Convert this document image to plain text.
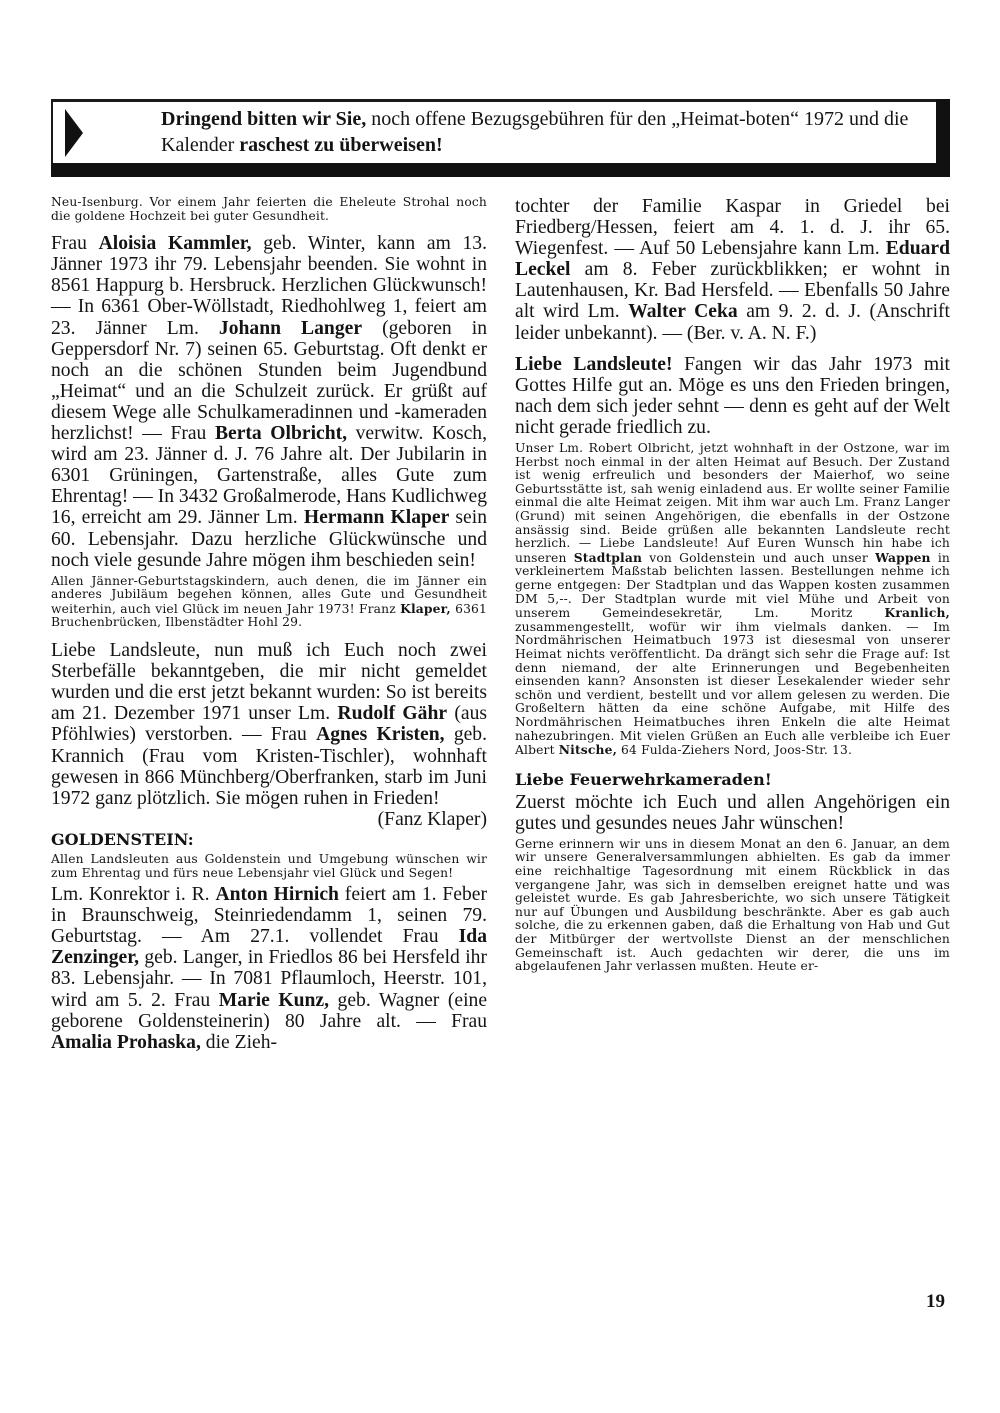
Dringend bitten wir Sie, noch offene Bezugsgebühren für den „Heimat-boten“ 1972 und die Kalender raschest zu überweisen!

Neu-Isenburg. Vor einem Jahr feierten die Eheleute Strohal noch die goldene Hochzeit bei guter Gesundheit.

Frau Aloisia Kammler, geb. Winter, kann am 13. Jänner 1973 ihr 79. Lebensjahr beenden. Sie wohnt in 8561 Happurg b. Hersbruck. Herzlichen Glückwunsch! — In 6361 Ober-Wöllstadt, Riedhohlweg 1, feiert am 23. Jänner Lm. Johann Langer (geboren in Geppersdorf Nr. 7) seinen 65. Geburtstag. Oft denkt er noch an die schönen Stunden beim Jugendbund „Heimat“ und an die Schulzeit zurück. Er grüßt auf diesem Wege alle Schulkameradinnen und -kameraden herzlichst! — Frau Berta Olbricht, verwitw. Kosch, wird am 23. Jänner d. J. 76 Jahre alt. Der Jubilarin in 6301 Grüningen, Gartenstraße, alles Gute zum Ehrentag! — In 3432 Großalmerode, Hans Kudlichweg 16, erreicht am 29. Jänner Lm. Hermann Klaper sein 60. Lebensjahr. Dazu herzliche Glückwünsche und noch viele gesunde Jahre mögen ihm beschieden sein!

Allen Jänner-Geburtstagskindern, auch denen, die im Jänner ein anderes Jubiläum begehen können, alles Gute und Gesundheit weiterhin, auch viel Glück im neuen Jahr 1973! Franz Klaper, 6361 Bruchenbrücken, Ilbenstädter Hohl 29.

Liebe Landsleute, nun muß ich Euch noch zwei Sterbefälle bekanntgeben, die mir nicht gemeldet wurden und die erst jetzt bekannt wurden: So ist bereits am 21. Dezember 1971 unser Lm. Rudolf Gähr (aus Pföhlwies) verstorben. — Frau Agnes Kristen, geb. Krannich (Frau vom Kristen-Tischler), wohnhaft gewesen in 866 Münchberg/Oberfranken, starb im Juni 1972 ganz plötzlich. Sie mögen ruhen in Frieden!

(Fanz Klaper)

GOLDENSTEIN:

Allen Landsleuten aus Goldenstein und Umgebung wünschen wir zum Ehrentag und fürs neue Lebensjahr viel Glück und Segen!

Lm. Konrektor i. R. Anton Hirnich feiert am 1. Feber in Braunschweig, Steinriedendamm 1, seinen 79. Geburtstag. — Am 27.1. vollendet Frau Ida Zenzinger, geb. Langer, in Friedlos 86 bei Hersfeld ihr 83. Lebensjahr. — In 7081 Pflaumloch, Heerstr. 101, wird am 5. 2. Frau Marie Kunz, geb. Wagner (eine geborene Goldensteinerin) 80 Jahre alt. — Frau Amalia Prohaska, die Zieh-

tochter der Familie Kaspar in Griedel bei Friedberg/Hessen, feiert am 4. 1. d. J. ihr 65. Wiegenfest. — Auf 50 Lebensjahre kann Lm. Eduard Leckel am 8. Feber zurückblikken; er wohnt in Lautenhausen, Kr. Bad Hersfeld. — Ebenfalls 50 Jahre alt wird Lm. Walter Ceka am 9. 2. d. J. (Anschrift leider unbekannt). — (Ber. v. A. N. F.)

Liebe Landsleute! Fangen wir das Jahr 1973 mit Gottes Hilfe gut an. Möge es uns den Frieden bringen, nach dem sich jeder sehnt — denn es geht auf der Welt nicht gerade friedlich zu.

Unser Lm. Robert Olbricht, jetzt wohnhaft in der Ostzone, war im Herbst noch einmal in der alten Heimat auf Besuch. Der Zustand ist wenig erfreulich und besonders der Maierhof, wo seine Geburtsstätte ist, sah wenig einladend aus. Er wollte seiner Familie einmal die alte Heimat zeigen. Mit ihm war auch Lm. Franz Langer (Grund) mit seinen Angehörigen, die ebenfalls in der Ostzone ansässig sind. Beide grüßen alle bekannten Landsleute recht herzlich. — Liebe Landsleute! Auf Euren Wunsch hin habe ich unseren Stadtplan von Goldenstein und auch unser Wappen in verkleinertem Maßstab belichten lassen. Bestellungen nehme ich gerne entgegen: Der Stadtplan und das Wappen kosten zusammen DM 5,--. Der Stadtplan wurde mit viel Mühe und Arbeit von unserem Gemeindesekretär, Lm. Moritz Kranlich, zusammengestellt, wofür wir ihm vielmals danken. — Im Nordmährischen Heimatbuch 1973 ist diesesmal von unserer Heimat nichts veröffentlicht. Da drängt sich sehr die Frage auf: Ist denn niemand, der alte Erinnerungen und Begebenheiten einsenden kann? Ansonsten ist dieser Lesekalender wieder sehr schön und verdient, bestellt und vor allem gelesen zu werden. Die Großeltern hätten da eine schöne Aufgabe, mit Hilfe des Nordmährischen Heimatbuches ihren Enkeln die alte Heimat nahezubringen. Mit vielen Grüßen an Euch alle verbleibe ich Euer Albert Nitsche, 64 Fulda-Ziehers Nord, Joos-Str. 13.

Liebe Feuerwehrkameraden!

Zuerst möchte ich Euch und allen Angehörigen ein gutes und gesundes neues Jahr wünschen!

Gerne erinnern wir uns in diesem Monat an den 6. Januar, an dem wir unsere Generalversammlungen abhielten. Es gab da immer eine reichhaltige Tagesordnung mit einem Rückblick in das vergangene Jahr, was sich in demselben ereignet hatte und was geleistet wurde. Es gab Jahresberichte, wo sich unsere Tätigkeit nur auf Übungen und Ausbildung beschränkte. Aber es gab auch solche, die zu erkennen gaben, daß die Erhaltung von Hab und Gut der Mitbürger der wertvollste Dienst an der menschlichen Gemeinschaft ist. Auch gedachten wir derer, die uns im abgelaufenen Jahr verlassen mußten. Heute er-

19
